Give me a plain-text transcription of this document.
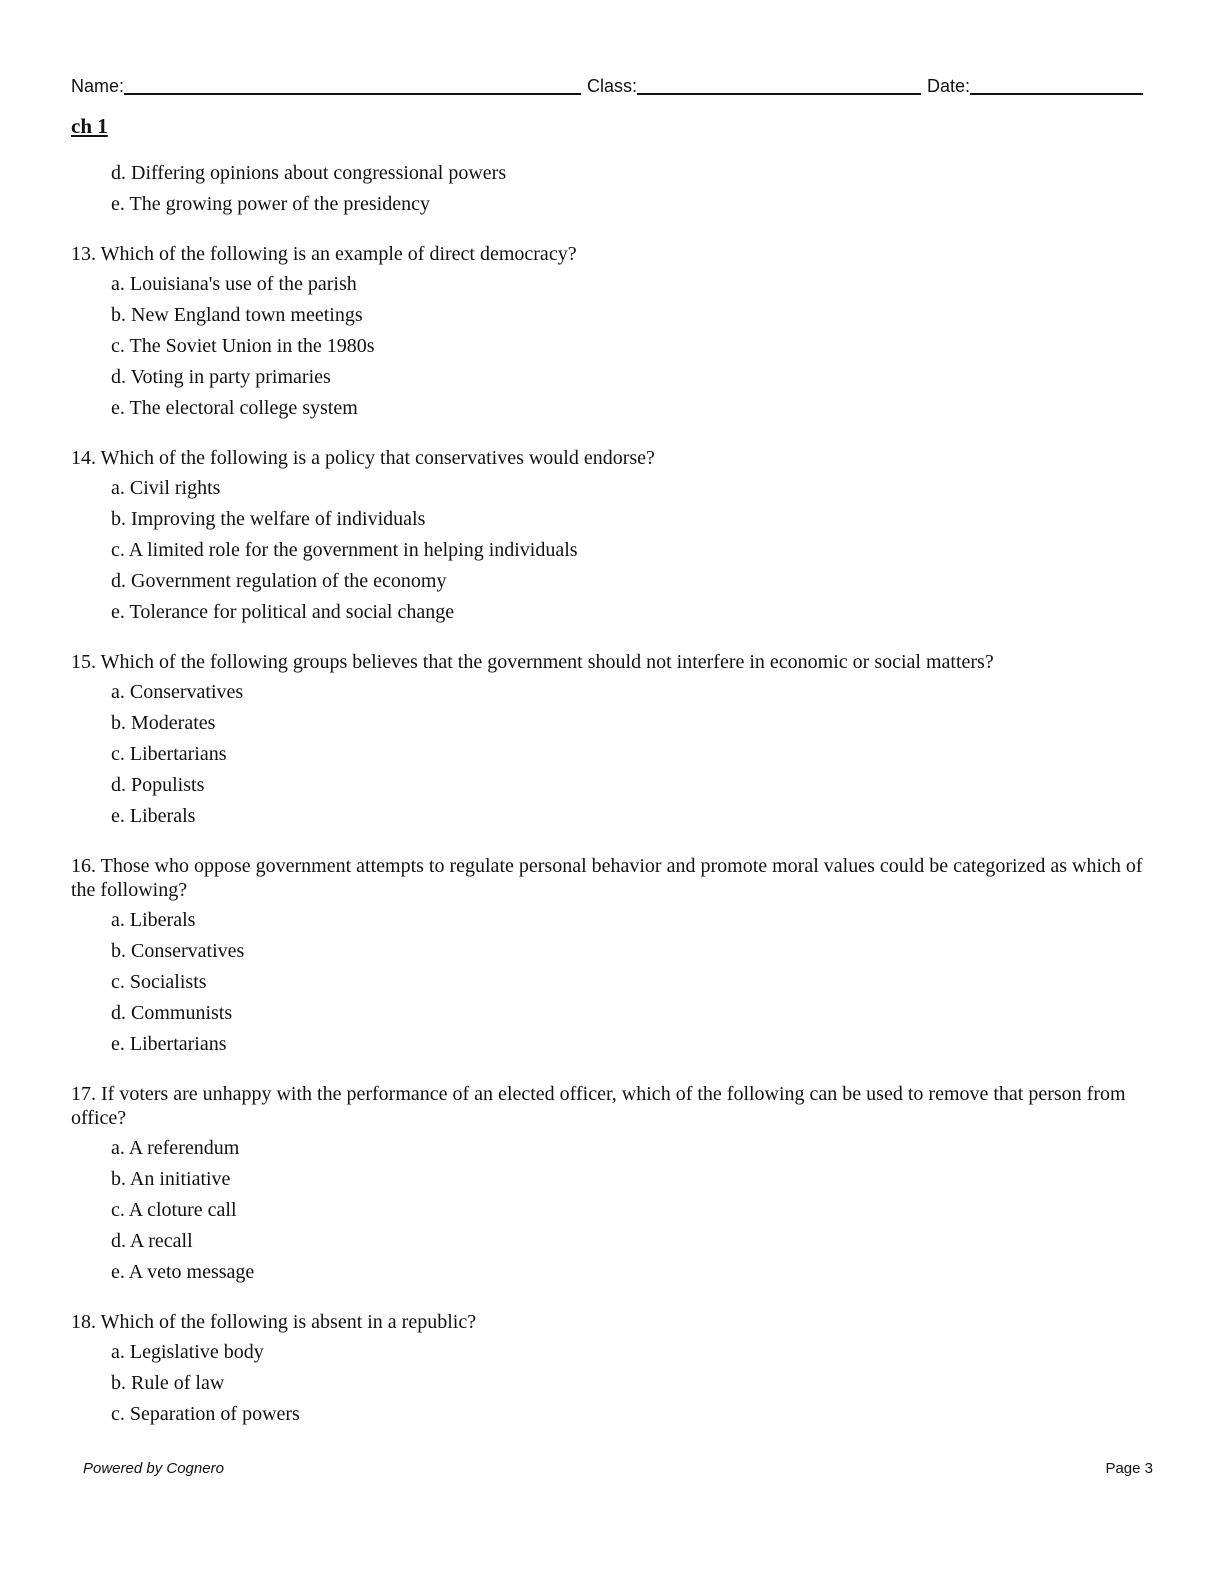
Name:	Class:	Date:
ch 1
d. Differing opinions about congressional powers
e. The growing power of the presidency
13. Which of the following is an example of direct democracy?
a. Louisiana's use of the parish
b. New England town meetings
c. The Soviet Union in the 1980s
d. Voting in party primaries
e. The electoral college system
14. Which of the following is a policy that conservatives would endorse?
a. Civil rights
b. Improving the welfare of individuals
c. A limited role for the government in helping individuals
d. Government regulation of the economy
e. Tolerance for political and social change
15. Which of the following groups believes that the government should not interfere in economic or social matters?
a. Conservatives
b. Moderates
c. Libertarians
d. Populists
e. Liberals
16. Those who oppose government attempts to regulate personal behavior and promote moral values could be categorized as which of the following?
a. Liberals
b. Conservatives
c. Socialists
d. Communists
e. Libertarians
17. If voters are unhappy with the performance of an elected officer, which of the following can be used to remove that person from office?
a. A referendum
b. An initiative
c. A cloture call
d. A recall
e. A veto message
18. Which of the following is absent in a republic?
a. Legislative body
b. Rule of law
c. Separation of powers
Powered by Cognero	Page 3
